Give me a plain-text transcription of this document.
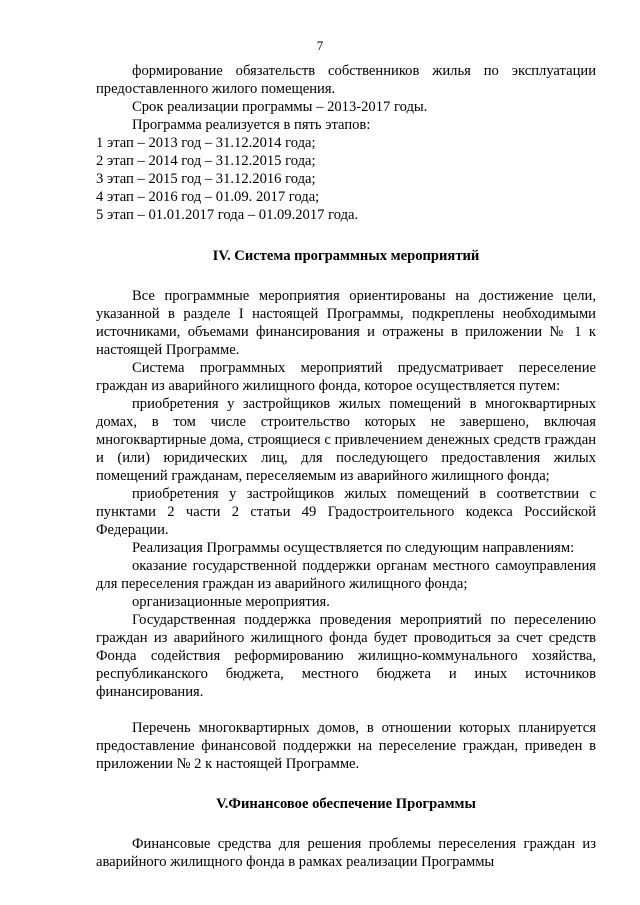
7

формирование обязательств собственников жилья по эксплуатации предоставленного жилого помещения.

Срок реализации программы – 2013-2017 годы.

Программа реализуется в пять этапов:

1 этап – 2013 год – 31.12.2014 года;

2 этап – 2014 год – 31.12.2015 года;

3 этап – 2015 год – 31.12.2016 года;

4 этап – 2016 год – 01.09. 2017 года;

5 этап – 01.01.2017 года – 01.09.2017 года.

IV. Система программных мероприятий

Все программные мероприятия ориентированы на достижение цели, указанной в разделе I настоящей Программы, подкреплены необходимыми источниками, объемами финансирования и отражены в приложении № 1 к настоящей Программе.

Система программных мероприятий предусматривает переселение граждан из аварийного жилищного фонда, которое осуществляется путем:

приобретения у застройщиков жилых помещений в многоквартирных домах, в том числе строительство которых не завершено, включая многоквартирные дома, строящиеся с привлечением денежных средств граждан и (или) юридических лиц, для последующего предоставления жилых помещений гражданам, переселяемым из аварийного жилищного фонда;

приобретения у застройщиков жилых помещений в соответствии с пунктами 2 части 2 статьи 49 Градостроительного кодекса Российской Федерации.

Реализация Программы осуществляется по следующим направлениям:

оказание государственной поддержки органам местного самоуправления для переселения граждан из аварийного жилищного фонда;

организационные мероприятия.

Государственная поддержка проведения мероприятий по переселению граждан из аварийного жилищного фонда будет проводиться за счет средств Фонда содействия реформированию жилищно-коммунального хозяйства, республиканского бюджета, местного бюджета и иных источников финансирования.

Перечень многоквартирных домов, в отношении которых планируется предоставление финансовой поддержки на переселение граждан, приведен в приложении № 2 к настоящей Программе.

V.Финансовое обеспечение Программы

Финансовые средства для решения проблемы переселения граждан из аварийного жилищного фонда в рамках реализации Программы
